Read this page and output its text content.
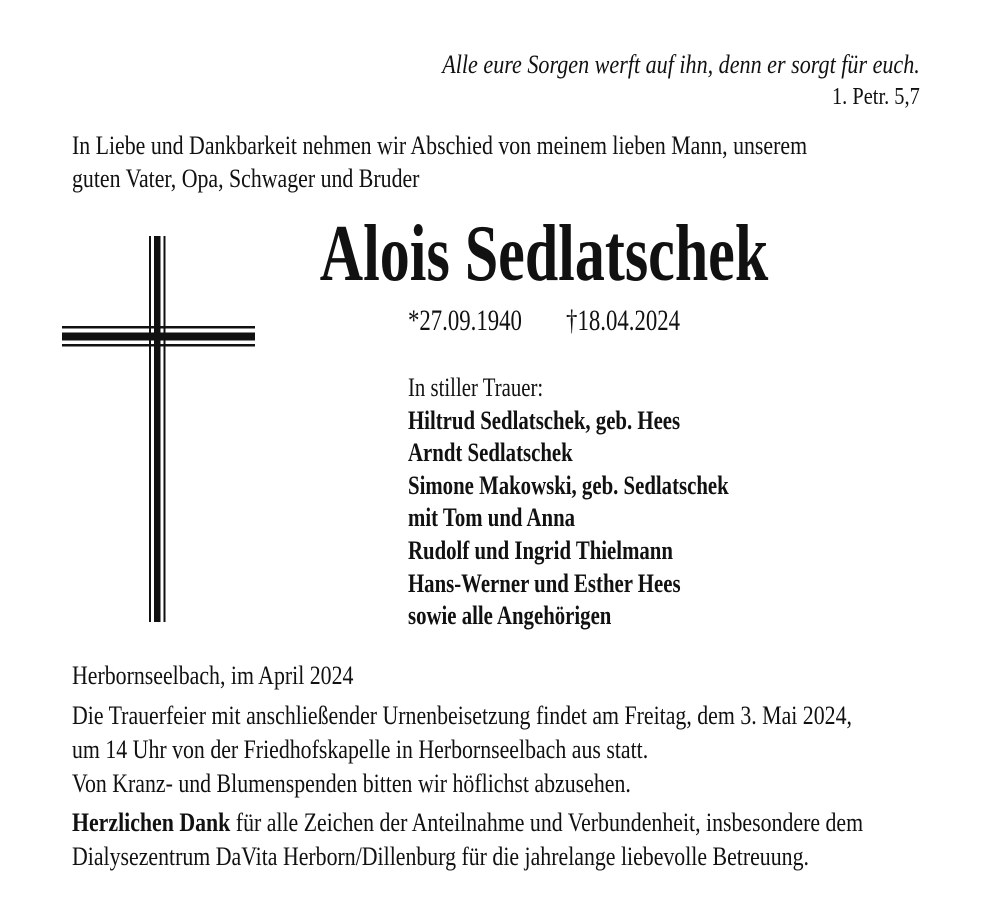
Alle eure Sorgen werft auf ihn, denn er sorgt für euch.
1. Petr. 5,7
In Liebe und Dankbarkeit nehmen wir Abschied von meinem lieben Mann, unserem
guten Vater, Opa, Schwager und Bruder
Alois Sedlatschek
*27.09.1940 †18.04.2024
In stiller Trauer:
Hiltrud Sedlatschek, geb. Hees
Arndt Sedlatschek
Simone Makowski, geb. Sedlatschek
mit Tom und Anna
Rudolf und Ingrid Thielmann
Hans-Werner und Esther Hees
sowie alle Angehörigen
Herbornseelbach, im April 2024
Die Trauerfeier mit anschließender Urnenbeisetzung findet am Freitag, dem 3. Mai 2024,
um 14 Uhr von der Friedhofskapelle in Herbornseelbach aus statt.
Von Kranz- und Blumenspenden bitten wir höflichst abzusehen.
Herzlichen Dank für alle Zeichen der Anteilnahme und Verbundenheit, insbesondere dem
Dialysezentrum DaVita Herborn/Dillenburg für die jahrelange liebevolle Betreuung.
